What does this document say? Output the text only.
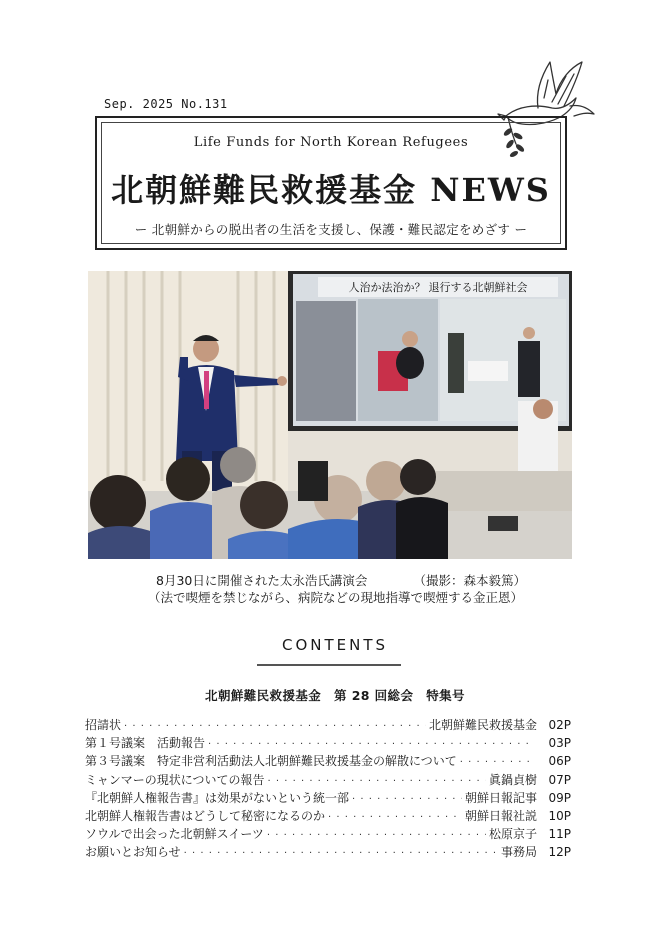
Sep. 2025 No.131
Life Funds for North Korean Refugees
北朝鮮難民救援基金 NEWS
ー 北朝鮮からの脱出者の生活を支援し、保護・難民認定をめざす ー
人治か法治か？ 退行する北朝鮮社会
8月30日に開催された太永浩氏講演会	（撮影：森本毅篤）
（法で喫煙を禁じながら、病院などの現地指導で喫煙する金正恩）
CONTENTS
北朝鮮難民救援基金　第 28 回総会　特集号
招請状 · · ·	北朝鮮難民救援基金 02P
第１号議案　活動報告 · · ·	03P
第３号議案　特定非営利活動法人北朝鮮難民救援基金の解散について · · ·	06P
ミャンマーの現状についての報告 · · ·	眞鍋貞樹 07P
『北朝鮮人権報告書』は効果がないという統一部 · · ·	朝鮮日報記事 09P
北朝鮮人権報告書はどうして秘密になるのか · · ·	朝鮮日報社説 10P
ソウルで出会った北朝鮮スイーツ · · ·	松原京子 11P
お願いとお知らせ · · ·	事務局 12P
